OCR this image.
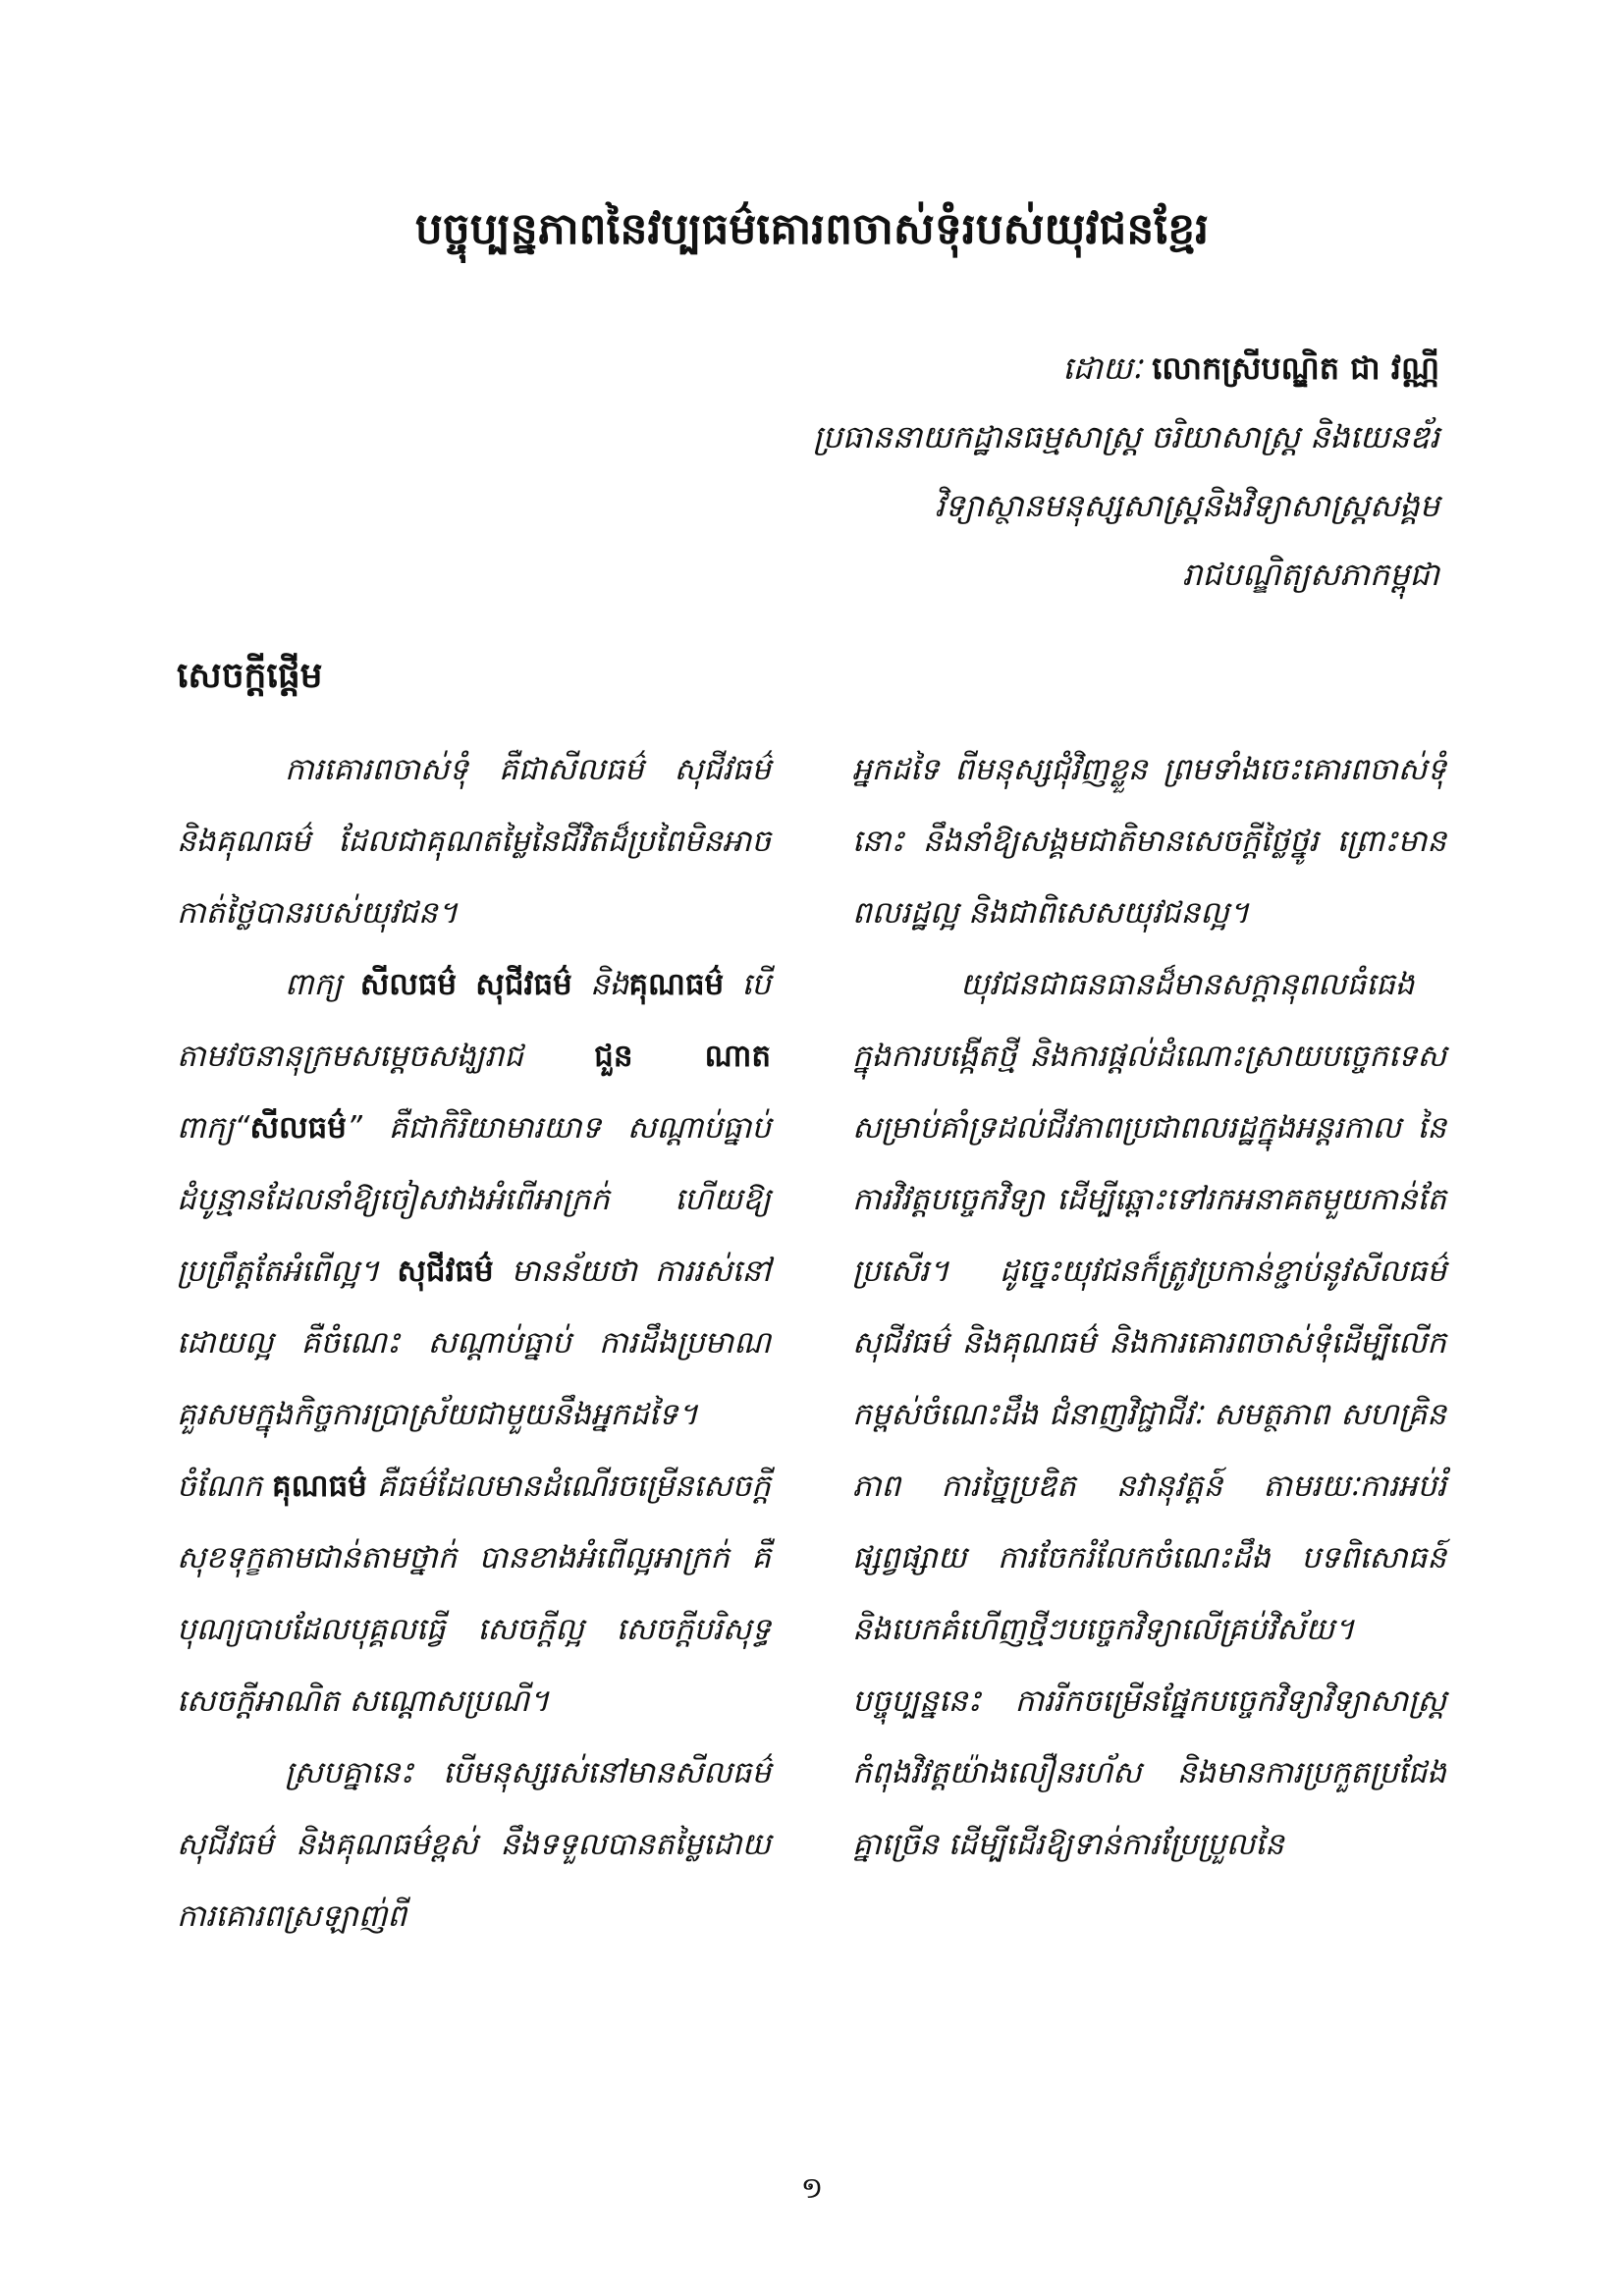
បច្ចុប្បន្នភាពនៃវប្បធម៌គោរពចាស់ទុំរបស់យុវជនខ្មែរ
ដោយៈ លោកស្រីបណ្ឌិត ជា វណ្ណី
ប្រធាននាយកដ្ឋានធម្មសាស្ត្រ ចរិយាសាស្ត្រ និងយេនឌ័រ
វិទ្យាស្ថានមនុស្សសាស្ត្រនិងវិទ្យាសាស្ត្រសង្គម
រាជបណ្ឌិត្យសភាកម្ពុជា
សេចក្ដីផ្ដើម

ការគោរពចាស់ទុំ គឺជាសីលធម៌ សុជីវធម៌ និងគុណធម៌ ដែលជាគុណតម្លៃនៃជីវិតដ៏ប្រពៃមិនអាចកាត់ថ្លៃបានរបស់យុវជន។

ពាក្យ សីលធម៌ សុជីវធម៌ និងគុណធម៌ បើតាមវចនានុក្រមសម្ដេចសង្ឃរាជ ជួន ណាត ពាក្យ“សីលធម៌” គឺជាកិរិយាមារយាទ សណ្ដាប់ធ្នាប់ ដំបូន្មានដែលនាំឱ្យចៀសវាងអំពើអាក្រក់ ហើយឱ្យប្រព្រឹត្តតែអំពើល្អ។ សុជីវធម៌ មានន័យថា ការរស់នៅដោយល្អ គឺចំណេះ សណ្ដាប់ធ្នាប់ ការដឹងប្រមាណគួរសមក្នុងកិច្ចការប្រាស្រ័យជាមួយនឹងអ្នកដទៃ។ ចំណែក គុណធម៌ គឺធម៌ដែលមានដំណើរចម្រើនសេចក្ដីសុខទុក្ខតាមជាន់តាមថ្នាក់ បានខាងអំពើល្អអាក្រក់ គឺបុណ្យបាបដែលបុគ្គលធ្វើ សេចក្ដីល្អ សេចក្ដីបរិសុទ្ធ សេចក្ដីអាណិត សណ្ដោសប្រណី។

ស្របគ្នានេះ បើមនុស្សរស់នៅមានសីលធម៌ សុជីវធម៌ និងគុណធម៌ខ្ពស់ នឹងទទួលបានតម្លៃដោយការគោរពស្រឡាញ់ពី

អ្នកដទៃ ពីមនុស្សជុំវិញខ្លួន ព្រមទាំងចេះគោរពចាស់ទុំនោះ នឹងនាំឱ្យសង្គមជាតិមានសេចក្ដីថ្លៃថ្នូរ ព្រោះមានពលរដ្ឋល្អ និងជាពិសេសយុវជនល្អ។

យុវជនជាធនធានដ៏មានសក្ដានុពលធំធេង ក្នុងការបង្កើតថ្មី និងការផ្ដល់ដំណោះស្រាយបច្ចេកទេសសម្រាប់គាំទ្រដល់ជីវភាពប្រជាពលរដ្ឋក្នុងអន្តរកាល នៃការវិវត្តបច្ចេកវិទ្យា ដើម្បីឆ្ពោះទៅរកអនាគតមួយកាន់តែប្រសើរ។ ដូច្នេះយុវជនក៏ត្រូវប្រកាន់ខ្ជាប់នូវសីលធម៌ សុជីវធម៌ និងគុណធម៌ និងការគោរពចាស់ទុំដើម្បីលើកកម្ពស់ចំណេះដឹង ជំនាញវិជ្ជាជីវៈ សមត្ថភាព សហគ្រិនភាព ការច្នៃប្រឌិត នវានុវត្តន៍ តាមរយៈការអប់រំ ផ្សព្វផ្សាយ ការចែករំលែកចំណេះដឹង បទពិសោធន៍ និងបេកគំហើញថ្មីៗបច្ចេកវិទ្យាលើគ្រប់វិស័យ។ បច្ចុប្បន្ននេះ ការរីកចម្រើនផ្នែកបច្ចេកវិទ្យាវិទ្យាសាស្ត្រកំពុងវិវត្តយ៉ាងលឿនរហ័ស និងមានការប្រកួតប្រជែងគ្នាច្រើន ដើម្បីដើរឱ្យទាន់ការប្រែប្រួលនៃ

១
